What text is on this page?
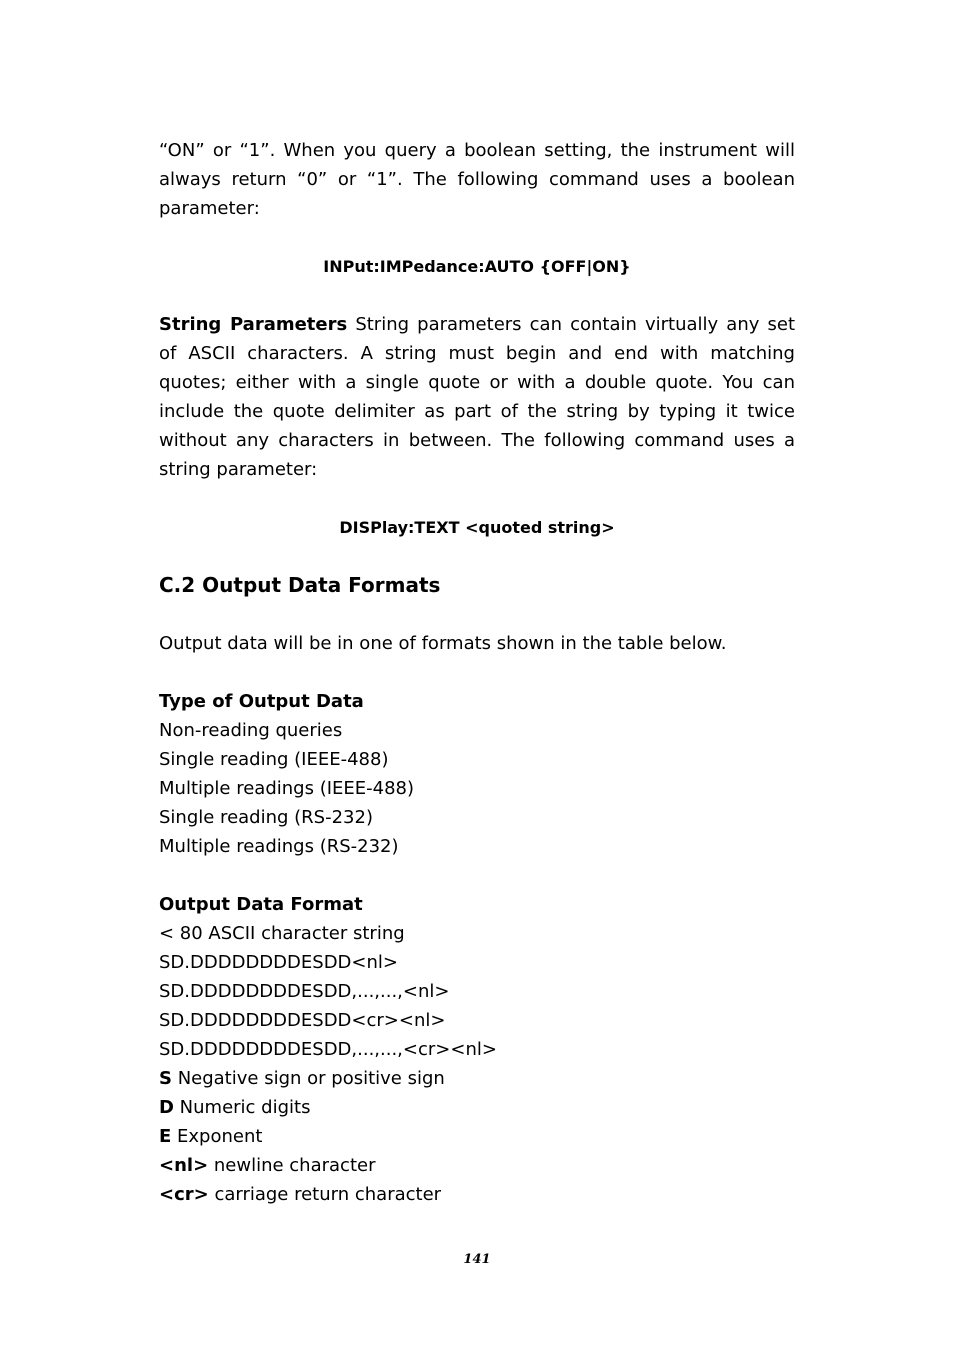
“ON” or “1”. When you query a boolean setting, the instrument will always return “0” or “1”. The following command uses a boolean parameter:

INPut:IMPedance:AUTO {OFF|ON}

String Parameters String parameters can contain virtually any set of ASCII characters. A string must begin and end with matching quotes; either with a single quote or with a double quote. You can include the quote delimiter as part of the string by typing it twice without any characters in between. The following command uses a string parameter:

DISPlay:TEXT <quoted string>

C.2 Output Data Formats

Output data will be in one of formats shown in the table below.

Type of Output Data

Non-reading queries

Single reading (IEEE-488)

Multiple readings (IEEE-488)

Single reading (RS-232)

Multiple readings (RS-232)

Output Data Format

< 80 ASCII character string

SD.DDDDDDDDESDD<nl>

SD.DDDDDDDDESDD,...,...,<nl>

SD.DDDDDDDDESDD<cr><nl>

SD.DDDDDDDDESDD,...,...,<cr><nl>

S Negative sign or positive sign

D Numeric digits

E Exponent

<nl> newline character

<cr> carriage return character

141
